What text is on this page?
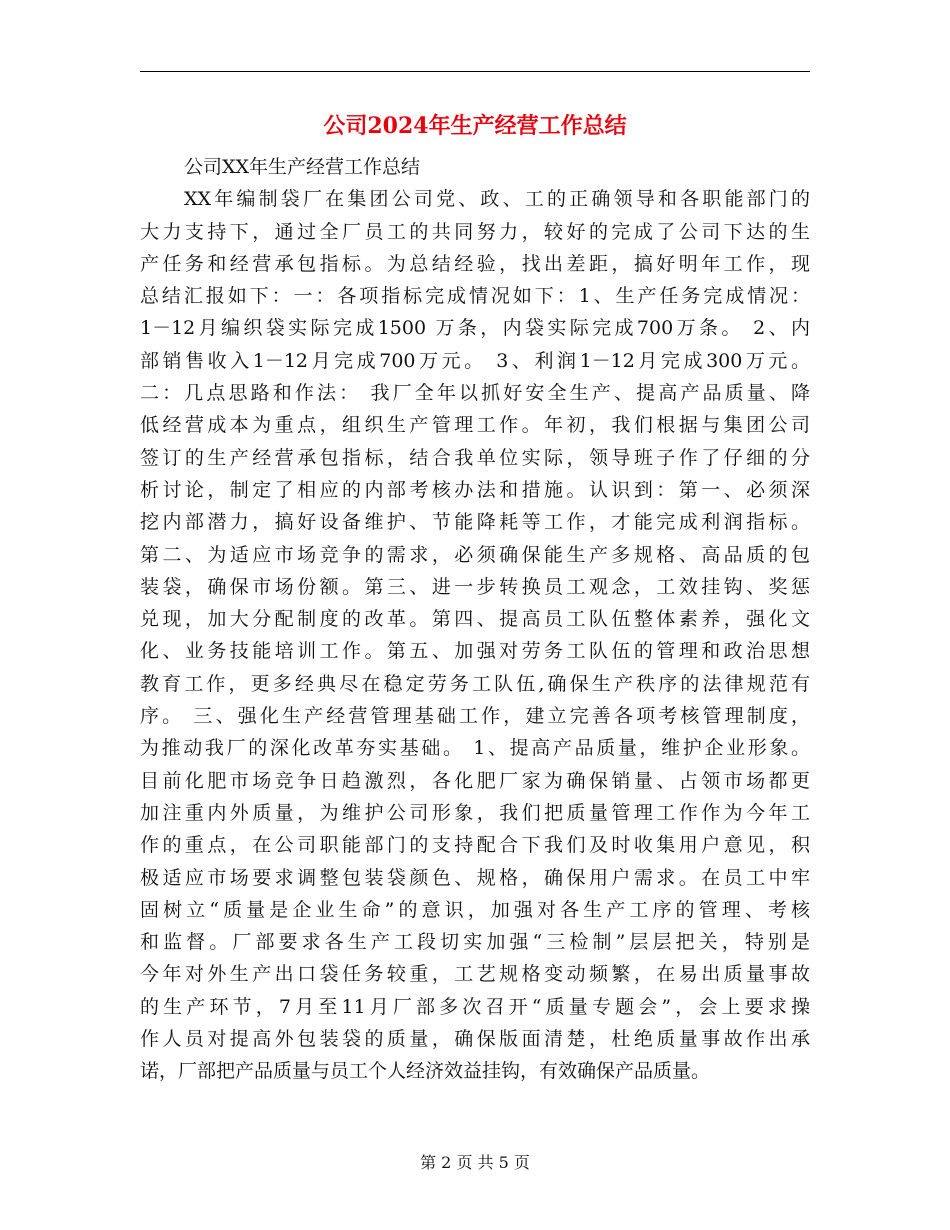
公司2024年生产经营工作总结
公司XX年生产经营工作总结
XX年编制袋厂在集团公司党、政、工的正确领导和各职能部门的
大力支持下，通过全厂员工的共同努力，较好的完成了公司下达的生
产任务和经营承包指标。为总结经验，找出差距，搞好明年工作，现
总结汇报如下：一：各项指标完成情况如下：1、生产任务完成情况：
1－12月编织袋实际完成1500 万条，内袋实际完成700万条。 2、内
部销售收入1－12月完成700万元。 3、利润1－12月完成300万元。
二：几点思路和作法： 我厂全年以抓好安全生产、提高产品质量、降
低经营成本为重点，组织生产管理工作。年初，我们根据与集团公司
签订的生产经营承包指标，结合我单位实际，领导班子作了仔细的分
析讨论，制定了相应的内部考核办法和措施。认识到：第一、必须深
挖内部潜力，搞好设备维护、节能降耗等工作，才能完成利润指标。
第二、为适应市场竞争的需求，必须确保能生产多规格、高品质的包
装袋，确保市场份额。第三、进一步转换员工观念，工效挂钩、奖惩
兑现，加大分配制度的改革。第四、提高员工队伍整体素养，强化文
化、业务技能培训工作。第五、加强对劳务工队伍的管理和政治思想
教育工作，更多经典尽在稳定劳务工队伍,确保生产秩序的法律规范有
序。 三、强化生产经营管理基础工作，建立完善各项考核管理制度，
为推动我厂的深化改革夯实基础。 1、提高产品质量，维护企业形象。
目前化肥市场竞争日趋激烈，各化肥厂家为确保销量、占领市场都更
加注重内外质量，为维护公司形象，我们把质量管理工作作为今年工
作的重点，在公司职能部门的支持配合下我们及时收集用户意见，积
极适应市场要求调整包装袋颜色、规格，确保用户需求。在员工中牢
固树立“质量是企业生命”的意识，加强对各生产工序的管理、考核
和监督。厂部要求各生产工段切实加强“三检制”层层把关，特别是
今年对外生产出口袋任务较重，工艺规格变动频繁，在易出质量事故
的生产环节，7月至11月厂部多次召开“质量专题会”，会上要求操
作人员对提高外包装袋的质量，确保版面清楚，杜绝质量事故作出承
诺，厂部把产品质量与员工个人经济效益挂钩，有效确保产品质量。
第 2 页 共 5 页
